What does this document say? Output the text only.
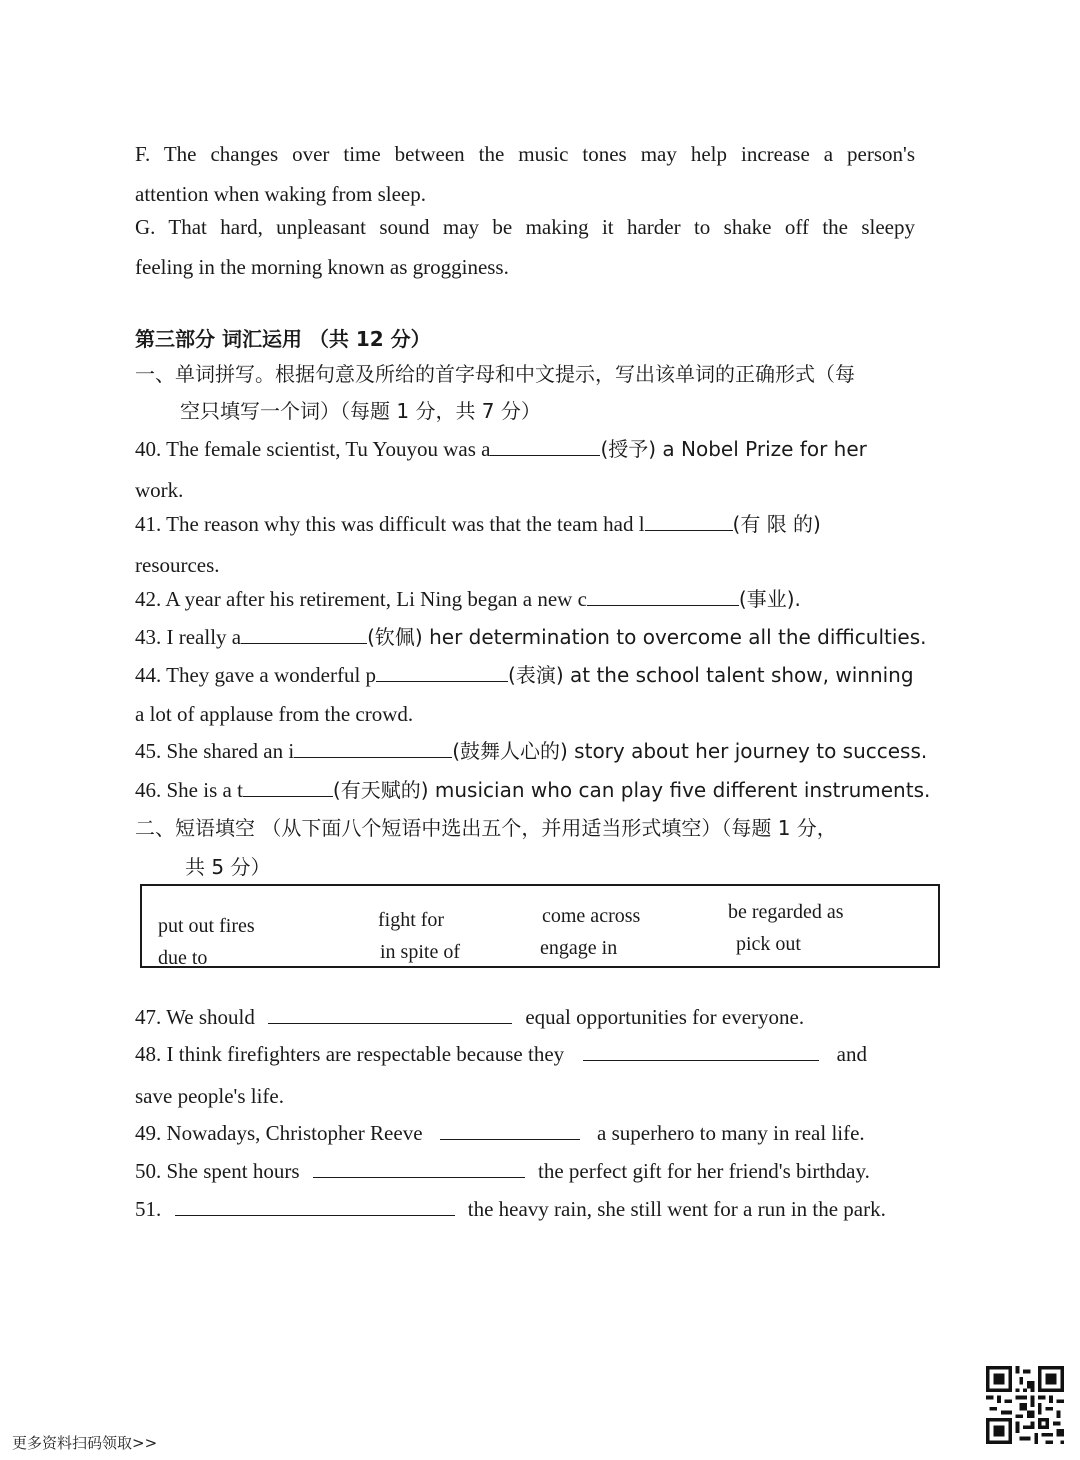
F. The changes over time between the music tones may help increase a person's
attention when waking from sleep.
G. That hard, unpleasant sound may be making it harder to shake off the sleepy
feeling in the morning known as grogginess.
第三部分 词汇运用 （共 12 分）
一、单词拼写。根据句意及所给的首字母和中文提示，写出该单词的正确形式（每
空只填写一个词）（每题 1 分，共 7 分）
40. The female scientist, Tu Youyou was a	(授予) a Nobel Prize for her
work.
41. The reason why this was difficult was that the team had l	(有 限 的)
resources.
42. A year after his retirement, Li Ning began a new c	(事业).
43. I really a	(钦佩) her determination to overcome all the difficulties.
44. They gave a wonderful p	(表演) at the school talent show, winning
a lot of applause from the crowd.
45. She shared an i	(鼓舞人心的) story about her journey to success.
46. She is a t	(有天赋的) musician who can play five different instruments.
二、短语填空 （从下面八个短语中选出五个，并用适当形式填空）（每题 1 分，
共 5 分）
put out fires	fight for	come across	be regarded as
due to	in spite of	engage in	pick out
47. We should	equal opportunities for everyone.
48. I think firefighters are respectable because they	and
save people's life.
49. Nowadays, Christopher Reeve	a superhero to many in real life.
50. She spent hours	the perfect gift for her friend's birthday.
51.	the heavy rain, she still went for a run in the park.
更多资料扫码领取>>
